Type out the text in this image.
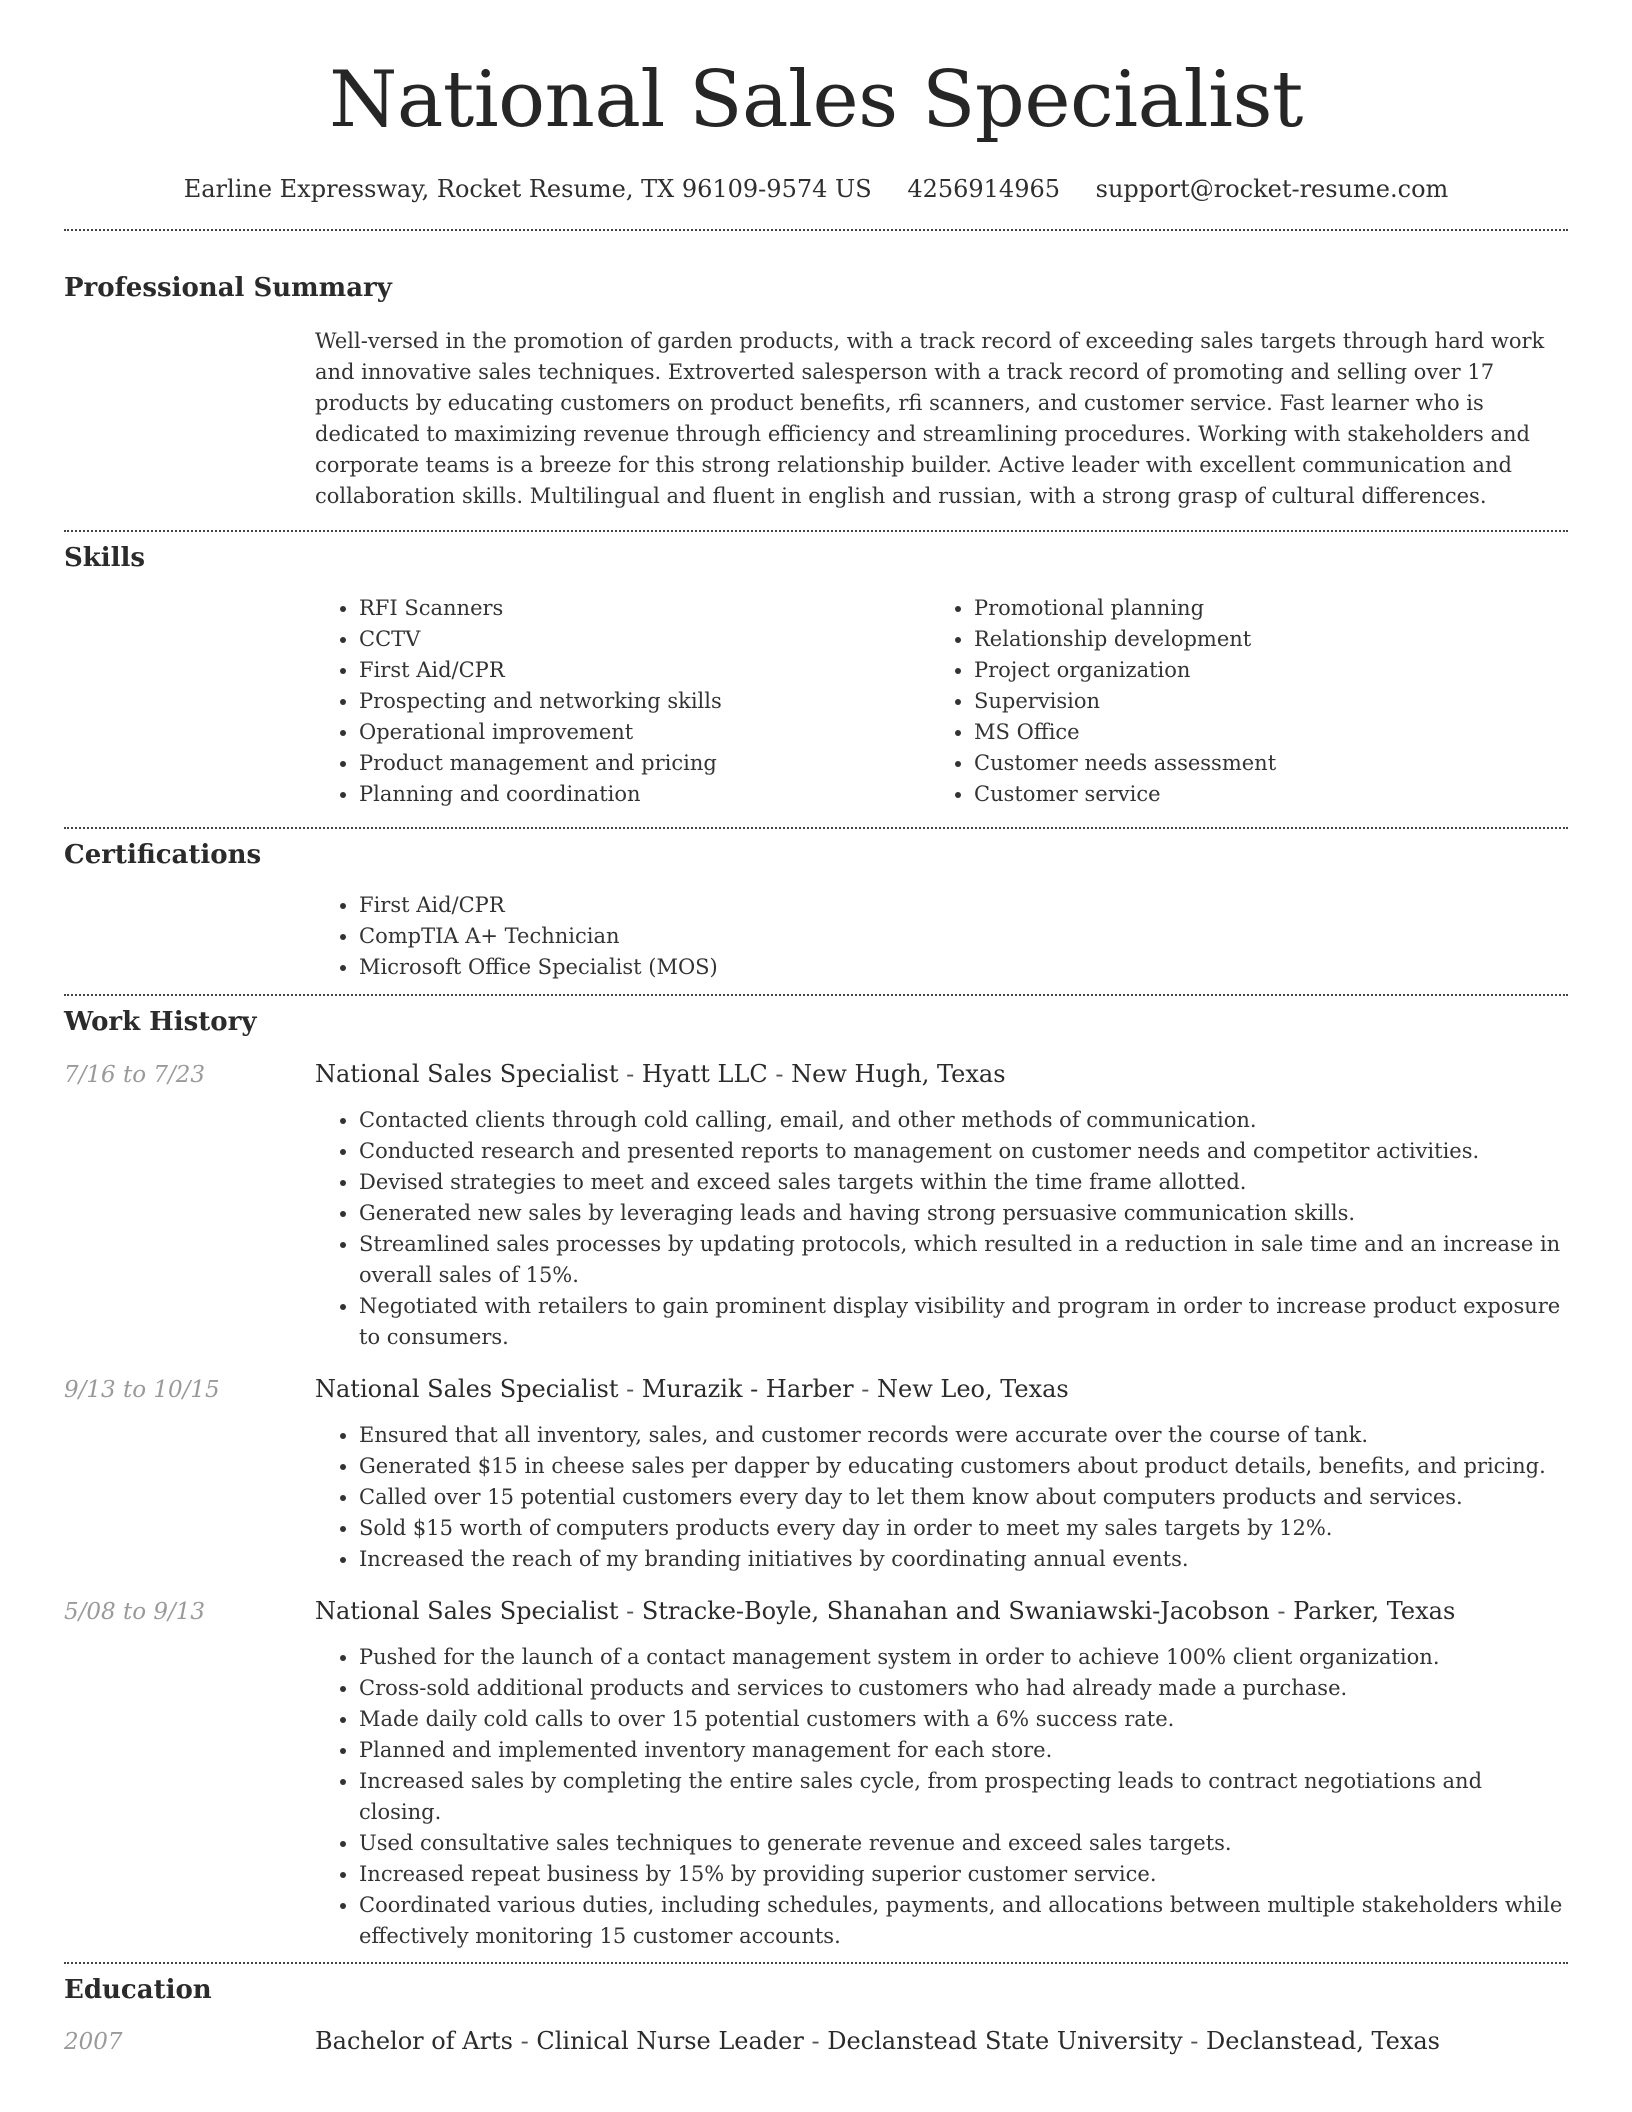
National Sales Specialist
Earline Expressway, Rocket Resume, TX 96109-9574 US 4256914965 support@rocket-resume.com
Professional Summary
Well-versed in the promotion of garden products, with a track record of exceeding sales targets through hard work and innovative sales techniques. Extroverted salesperson with a track record of promoting and selling over 17 products by educating customers on product benefits, rfi scanners, and customer service. Fast learner who is dedicated to maximizing revenue through efficiency and streamlining procedures. Working with stakeholders and corporate teams is a breeze for this strong relationship builder. Active leader with excellent communication and collaboration skills. Multilingual and fluent in english and russian, with a strong grasp of cultural differences.
Skills
• RFI Scanners
• CCTV
• First Aid/CPR
• Prospecting and networking skills
• Operational improvement
• Product management and pricing
• Planning and coordination
• Promotional planning
• Relationship development
• Project organization
• Supervision
• MS Office
• Customer needs assessment
• Customer service
Certifications
• First Aid/CPR
• CompTIA A+ Technician
• Microsoft Office Specialist (MOS)
Work History
7/16 to 7/23	National Sales Specialist - Hyatt LLC - New Hugh, Texas
• Contacted clients through cold calling, email, and other methods of communication.
• Conducted research and presented reports to management on customer needs and competitor activities.
• Devised strategies to meet and exceed sales targets within the time frame allotted.
• Generated new sales by leveraging leads and having strong persuasive communication skills.
• Streamlined sales processes by updating protocols, which resulted in a reduction in sale time and an increase in overall sales of 15%.
• Negotiated with retailers to gain prominent display visibility and program in order to increase product exposure to consumers.
9/13 to 10/15	National Sales Specialist - Murazik - Harber - New Leo, Texas
• Ensured that all inventory, sales, and customer records were accurate over the course of tank.
• Generated $15 in cheese sales per dapper by educating customers about product details, benefits, and pricing.
• Called over 15 potential customers every day to let them know about computers products and services.
• Sold $15 worth of computers products every day in order to meet my sales targets by 12%.
• Increased the reach of my branding initiatives by coordinating annual events.
5/08 to 9/13	National Sales Specialist - Stracke-Boyle, Shanahan and Swaniawski-Jacobson - Parker, Texas
• Pushed for the launch of a contact management system in order to achieve 100% client organization.
• Cross-sold additional products and services to customers who had already made a purchase.
• Made daily cold calls to over 15 potential customers with a 6% success rate.
• Planned and implemented inventory management for each store.
• Increased sales by completing the entire sales cycle, from prospecting leads to contract negotiations and closing.
• Used consultative sales techniques to generate revenue and exceed sales targets.
• Increased repeat business by 15% by providing superior customer service.
• Coordinated various duties, including schedules, payments, and allocations between multiple stakeholders while effectively monitoring 15 customer accounts.
Education
2007	Bachelor of Arts - Clinical Nurse Leader - Declanstead State University - Declanstead, Texas
